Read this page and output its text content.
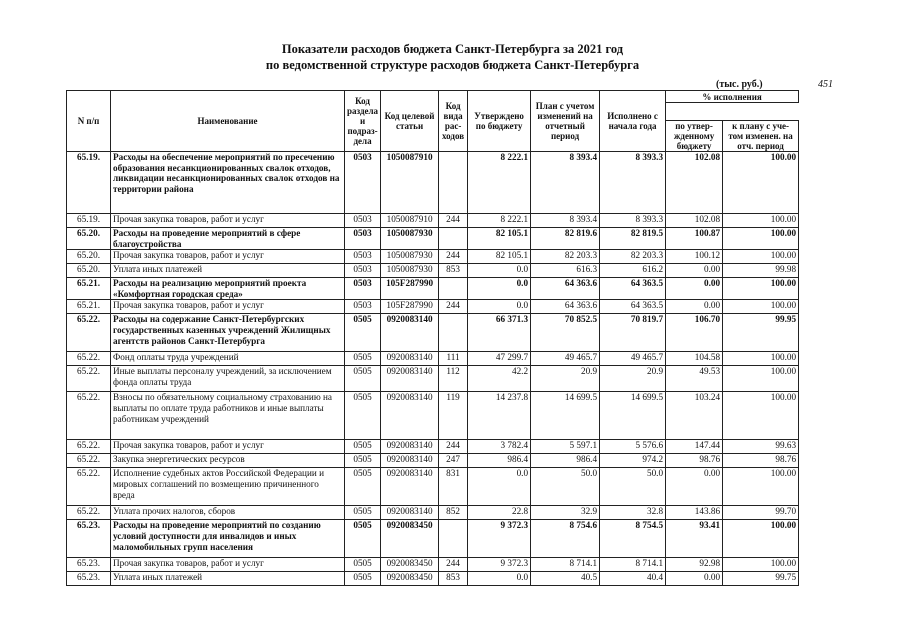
Показатели расходов бюджета Санкт-Петербурга за 2021 год
по ведомственной структуре расходов бюджета Санкт-Петербурга
(тыс. руб.)	451
N п/п	Наименование	Код раздела и подраз-дела	Код целевой статьи	Код вида рас-ходов	Утверждено по бюджету	План с учетом изменений на отчетный период	Исполнено с начала года	% исполнения	

								по утвер-жденному бюджету	к плану с уче-том изменен. на отч. период
65.19.	Расходы на обеспечение мероприятий по пресечению образования несанкционированных свалок отходов, ликвидации несанкционированных свалок отходов на территории района	0503	1050087910		8 222.1	8 393.4	8 393.3	102.08	100.00
65.19.	Прочая закупка товаров, работ и услуг	0503	1050087910	244	8 222.1	8 393.4	8 393.3	102.08	100.00
65.20.	Расходы на проведение мероприятий в сфере благоустройства	0503	1050087930		82 105.1	82 819.6	82 819.5	100.87	100.00
65.20.	Прочая закупка товаров, работ и услуг	0503	1050087930	244	82 105.1	82 203.3	82 203.3	100.12	100.00
65.20.	Уплата иных платежей	0503	1050087930	853	0.0	616.3	616.2	0.00	99.98
65.21.	Расходы на реализацию мероприятий проекта «Комфортная городская среда»	0503	105F287990		0.0	64 363.6	64 363.5	0.00	100.00
65.21.	Прочая закупка товаров, работ и услуг	0503	105F287990	244	0.0	64 363.6	64 363.5	0.00	100.00
65.22.	Расходы на содержание Санкт-Петербургских государственных казенных учреждений Жилищных агентств районов Санкт-Петербурга	0505	0920083140		66 371.3	70 852.5	70 819.7	106.70	99.95
65.22.	Фонд оплаты труда учреждений	0505	0920083140	111	47 299.7	49 465.7	49 465.7	104.58	100.00
65.22.	Иные выплаты персоналу учреждений, за исключением фонда оплаты труда	0505	0920083140	112	42.2	20.9	20.9	49.53	100.00
65.22.	Взносы по обязательному социальному страхованию на выплаты по оплате труда работников и иные выплаты работникам учреждений	0505	0920083140	119	14 237.8	14 699.5	14 699.5	103.24	100.00
65.22.	Прочая закупка товаров, работ и услуг	0505	0920083140	244	3 782.4	5 597.1	5 576.6	147.44	99.63
65.22.	Закупка энергетических ресурсов	0505	0920083140	247	986.4	986.4	974.2	98.76	98.76
65.22.	Исполнение судебных актов Российской Федерации и мировых соглашений по возмещению причиненного вреда	0505	0920083140	831	0.0	50.0	50.0	0.00	100.00
65.22.	Уплата прочих налогов, сборов	0505	0920083140	852	22.8	32.9	32.8	143.86	99.70
65.23.	Расходы на проведение мероприятий по созданию условий доступности для инвалидов и иных маломобильных групп населения	0505	0920083450		9 372.3	8 754.6	8 754.5	93.41	100.00
65.23.	Прочая закупка товаров, работ и услуг	0505	0920083450	244	9 372.3	8 714.1	8 714.1	92.98	100.00
65.23.	Уплата иных платежей	0505	0920083450	853	0.0	40.5	40.4	0.00	99.75
